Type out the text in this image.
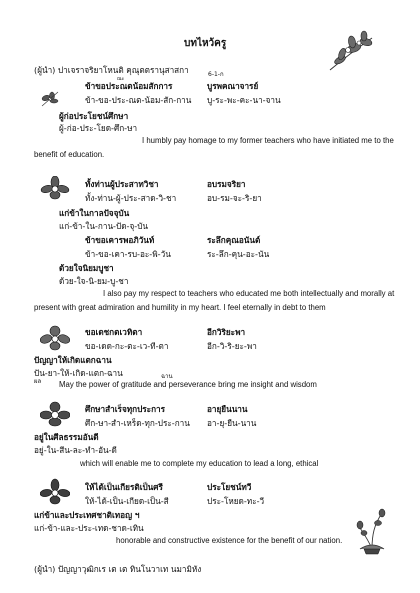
บทไหว้ครู
(ผู้นำ) ปาเจราจริยาโหนติ คุณุตตรานุสาสกา
ณะ
6-1-ก
ข้าขอประณตน้อมสักการ	บูรพคณาจารย์
ข้า-ขอ-ประ-ณต-น้อม-สัก-กาน บู-ระ-พะ-คะ-นา-จาน
ผู้ก่อประโยชน์ศึกษา
ผู้-ก่อ-ประ-โยด-ศึก-ษา
I humbly pay homage to my former teachers who have initiated me to the
benefit of education.
ทั้งท่านผู้ประสาทวิชา	อบรมจริยา
ทั้ง-ท่าน-ผู้-ประ-สาด-วิ-ชา	อบ-รม-จะ-ริ-ยา
แก่ข้าในกาลปัจจุบัน
แก่-ข้า-ใน-กาน-ปัด-จุ-บัน
ข้าขอเคารพอภิวันท์	ระลึกคุณอนันต์
ข้า-ขอ-เคา-รบ-อะ-พิ-วัน	ระ-ลึก-คุน-อะ-นัน
ด้วยใจนิยมบูชา
ด้วย-ใจ-นิ-ยม-บู-ชา
I also pay my respect to teachers who educated me both intellectually and morally at
present with great admiration and humility in my heart. I feel eternally in debt to them
ขอเดชกตเวทิตา	อีกวิริยะพา
ขอ-เดด-กะ-ตะ-เว-ที-ตา	อีก-วิ-ริ-ยะ-พา
ปัญญาให้เกิดแตกฉาน
ปัน-ยา-ให้-เกิด-แตก-ฉาน
ผล
ฉาน
May the power of gratitude and perseverance bring me insight and wisdom
ศึกษาสำเร็จทุกประการ	อายุยืนนาน
ศึก-ษา-สำ-เหร็ด-ทุก-ประ-กาน อา-ยุ-ยืน-นาน
อยู่ในศีลธรรมอันดี
อยู่-ใน-สีน-ละ-ทำ-อัน-ดี
which will enable me to complete my education to lead a long, ethical
ให้ได้เป็นเกียรติเป็นศรี	ประโยชน์ทวี
ให้-ได้-เป็น-เกียด-เป็น-สี	ประ-โหยด-ทะ-วี
แก่ข้าและประเทศชาติเทอญ ฯ
แก่-ข้า-และ-ประ-เทด-ชาด-เทิน
honorable and constructive existence for the benefit of our nation.
(ผู้นำ) ปัญญาวุฒิกเร เต เต ทินโนวาเท นมามิหัง
